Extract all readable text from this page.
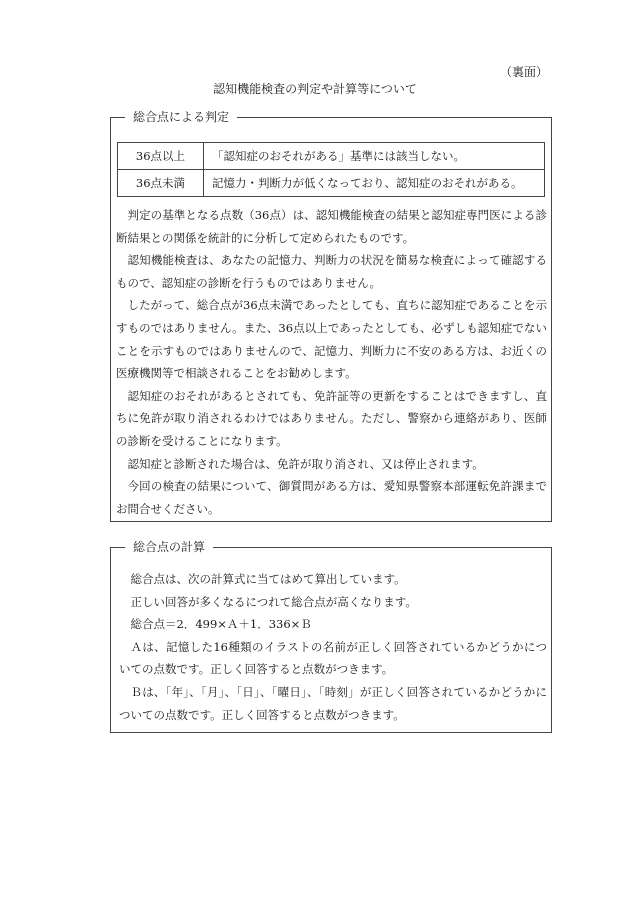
（裏面）
認知機能検査の判定や計算等について
総合点による判定
36点以上	「認知症のおそれがある」基準には該当しない。
36点未満	記憶力・判断力が低くなっており、認知症のおそれがある。

判定の基準となる点数（36点）は、認知機能検査の結果と認知症専門医による診断結果との関係を統計的に分析して定められたものです。

認知機能検査は、あなたの記憶力、判断力の状況を簡易な検査によって確認するもので、認知症の診断を行うものではありません。

したがって、総合点が36点未満であったとしても、直ちに認知症であることを示すものではありません。また、36点以上であったとしても、必ずしも認知症でないことを示すものではありませんので、記憶力、判断力に不安のある方は、お近くの医療機関等で相談されることをお勧めします。

認知症のおそれがあるとされても、免許証等の更新をすることはできますし、直ちに免許が取り消されるわけではありません。ただし、警察から連絡があり、医師の診断を受けることになります。

認知症と診断された場合は、免許が取り消され、又は停止されます。

今回の検査の結果について、御質問がある方は、愛知県警察本部運転免許課までお問合せください。

総合点の計算

総合点は、次の計算式に当てはめて算出しています。

正しい回答が多くなるにつれて総合点が高くなります。

総合点＝2．499×Ａ＋1．336×Ｂ

Ａは、記憶した16種類のイラストの名前が正しく回答されているかどうかについての点数です。正しく回答すると点数がつきます。

Ｂは、「年」、「月」、「日」、「曜日」、「時刻」が正しく回答されているかどうかについての点数です。正しく回答すると点数がつきます。
